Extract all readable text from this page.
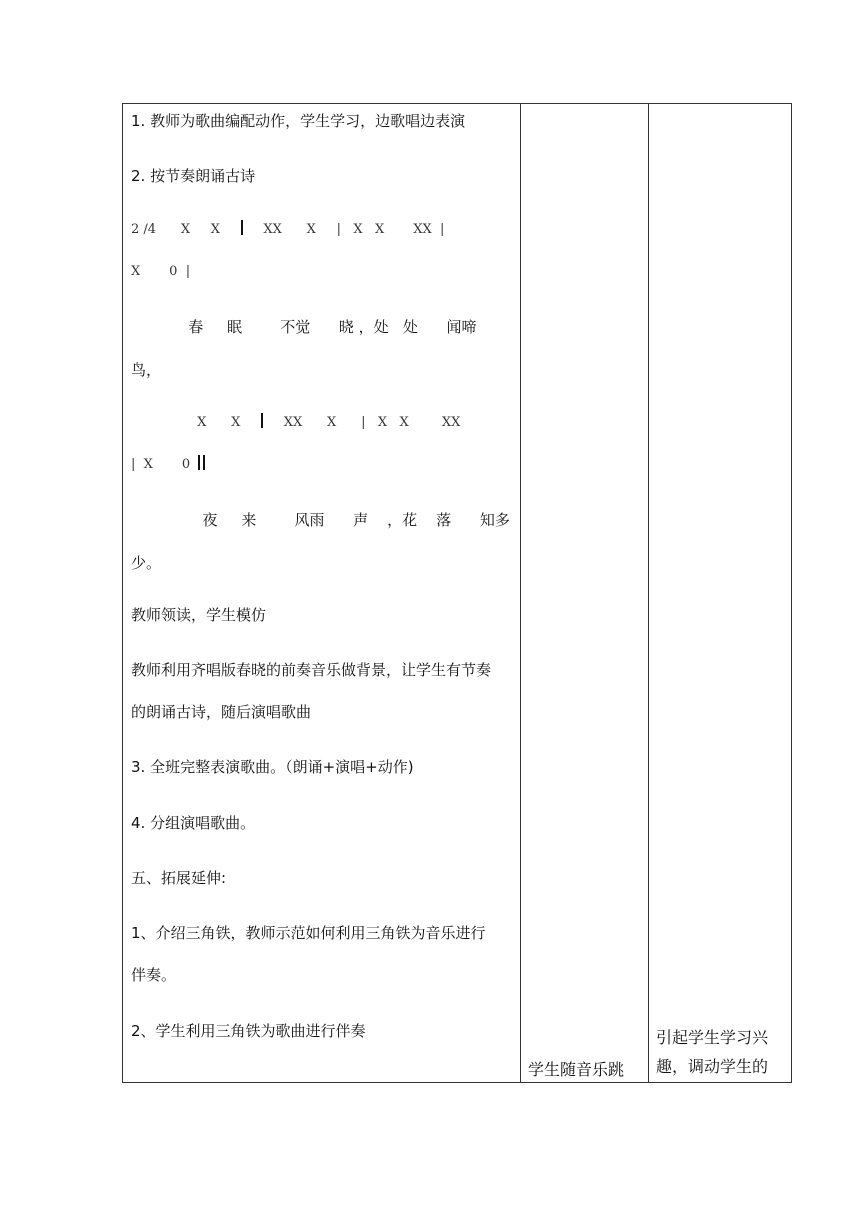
1. 教师为歌曲编配动作，学生学习，边歌唱边表演
2. 按节奏朗诵古诗
2 /4      X     X          XX      X     |   X   X       XX  |
X       0  |
春     眠        不觉      晓 ，处   处      闻啼
鸟，
X      X          XX      X      |   X   X        XX
|  X       0
夜     来        风雨      声    ，花    落      知多
少。
教师领读，学生模仿
教师利用齐唱版春晓的前奏音乐做背景，让学生有节奏
的朗诵古诗，随后演唱歌曲
3. 全班完整表演歌曲。（朗诵+演唱+动作)
4. 分组演唱歌曲。
五、拓展延伸:
1、介绍三角铁，教师示范如何利用三角铁为音乐进行
伴奏。
2、学生利用三角铁为歌曲进行伴奏
学生随音乐跳
引起学生学习兴
趣，调动学生的
